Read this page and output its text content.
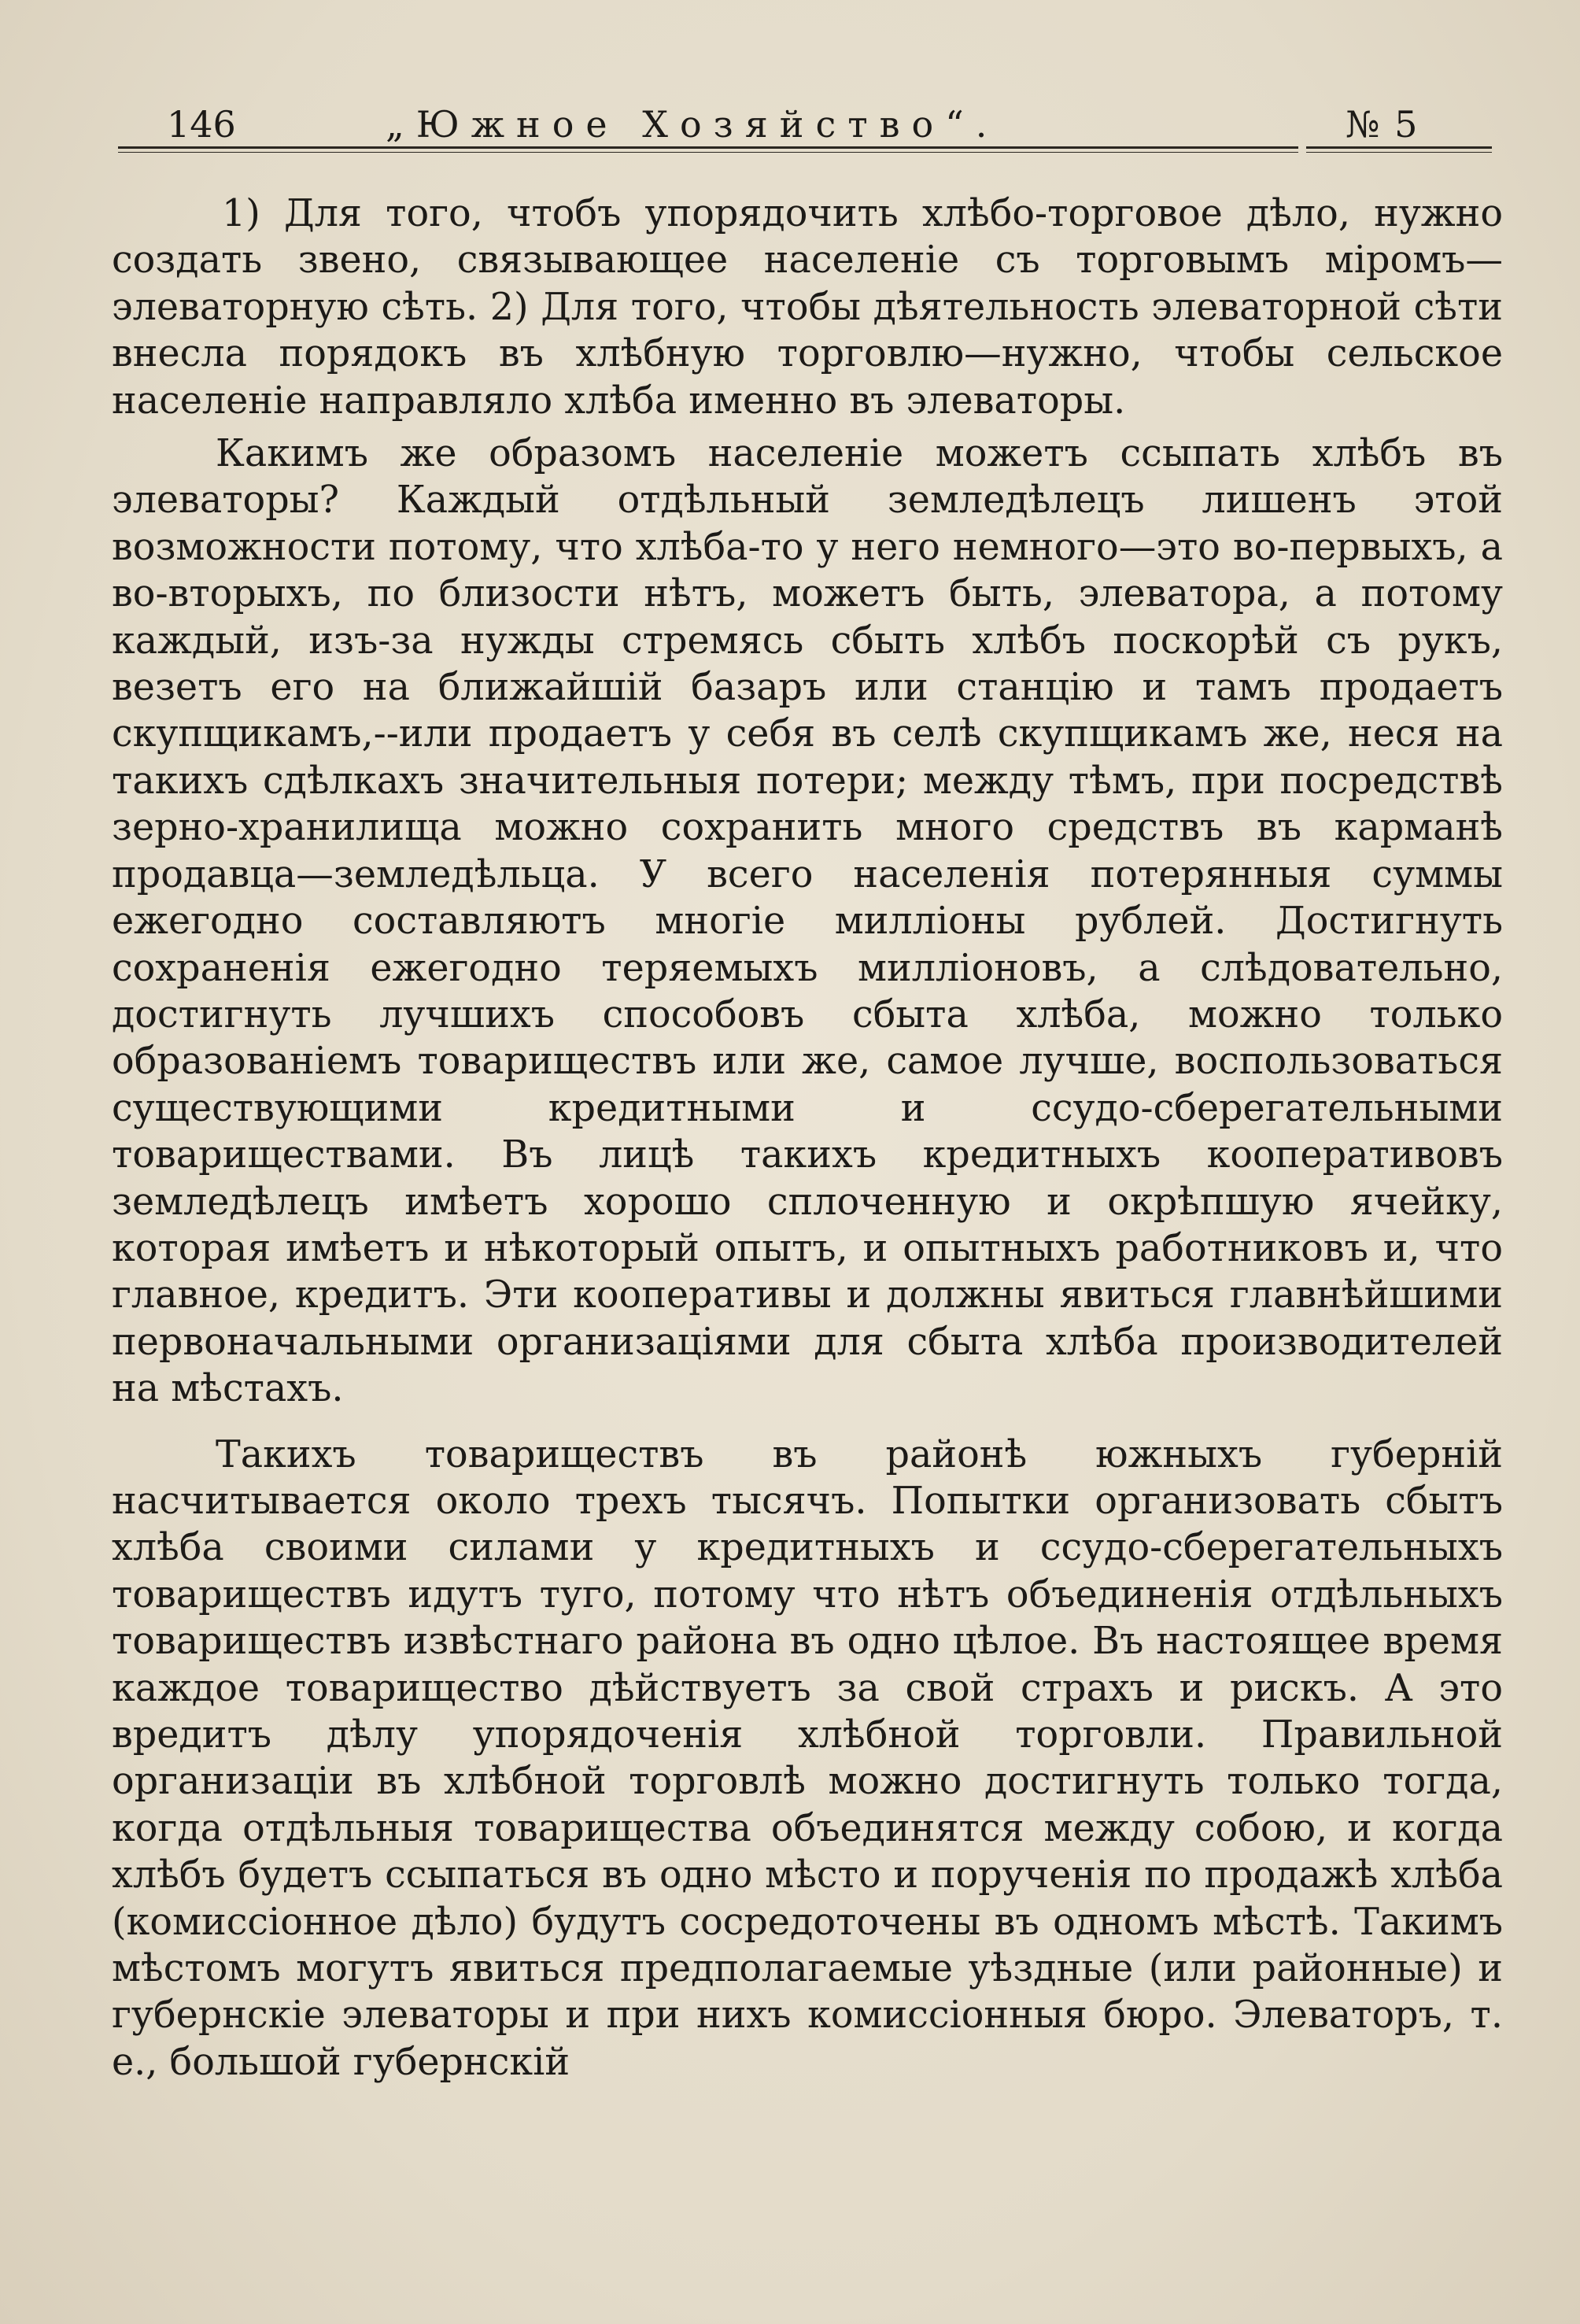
146	„Южное Хозяйство“.	№ 5

1) Для того, чтобъ упорядочить хлѣбо-торговое дѣло, нужно создать звено, связывающее населеніе съ торговымъ міромъ—элеваторную сѣть. 2) Для того, чтобы дѣятельность элеваторной сѣти внесла порядокъ въ хлѣбную торговлю—нужно, чтобы сельское населеніе направляло хлѣба именно въ элеваторы.

Какимъ же образомъ населеніе можетъ ссыпать хлѣбъ въ элеваторы? Каждый отдѣльный земледѣлецъ лишенъ этой возможности потому, что хлѣба-то у него немного—это во-первыхъ, а во-вторыхъ, по близости нѣтъ, можетъ быть, элеватора, а потому каждый, изъ-за нужды стремясь сбыть хлѣбъ поскорѣй съ рукъ, везетъ его на ближайшій базаръ или станцію и тамъ продаетъ скупщикамъ,--или продаетъ у себя въ селѣ скупщикамъ же, неся на такихъ сдѣлкахъ значительныя потери; между тѣмъ, при посредствѣ зерно-хранилища можно сохранить много средствъ въ карманѣ продавца—земледѣльца. У всего населенія потерянныя суммы ежегодно составляютъ многіе милліоны рублей. Достигнуть сохраненія ежегодно теряемыхъ милліоновъ, а слѣдовательно, достигнуть лучшихъ способовъ сбыта хлѣба, можно только образованіемъ товариществъ или же, самое лучше, воспользоваться существующими кредитными и ссудо-сберегательными товариществами. Въ лицѣ такихъ кредитныхъ кооперативовъ земледѣлецъ имѣетъ хорошо сплоченную и окрѣпшую ячейку, которая имѣетъ и нѣкоторый опытъ, и опытныхъ работниковъ и, что главное, кредитъ. Эти кооперативы и должны явиться главнѣйшими первоначальными организаціями для сбыта хлѣба производителей на мѣстахъ.

Такихъ товариществъ въ районѣ южныхъ губерній насчитывается около трехъ тысячъ. Попытки организовать сбытъ хлѣба своими силами у кредитныхъ и ссудо-сберегательныхъ товариществъ идутъ туго, потому что нѣтъ объединенія отдѣльныхъ товариществъ извѣстнаго района въ одно цѣлое. Въ настоящее время каждое товарищество дѣйствуетъ за свой страхъ и рискъ. А это вредитъ дѣлу упорядоченія хлѣбной торговли. Правильной организаціи въ хлѣбной торговлѣ можно достигнуть только тогда, когда отдѣльныя товарищества объединятся между собою, и когда хлѣбъ будетъ ссыпаться въ одно мѣсто и порученія по продажѣ хлѣба (комиссіонное дѣло) будутъ сосредоточены въ одномъ мѣстѣ. Такимъ мѣстомъ могутъ явиться предполагаемые уѣздные (или районные) и губернскіе элеваторы и при нихъ комиссіонныя бюро. Элеваторъ, т. е., большой губернскій
